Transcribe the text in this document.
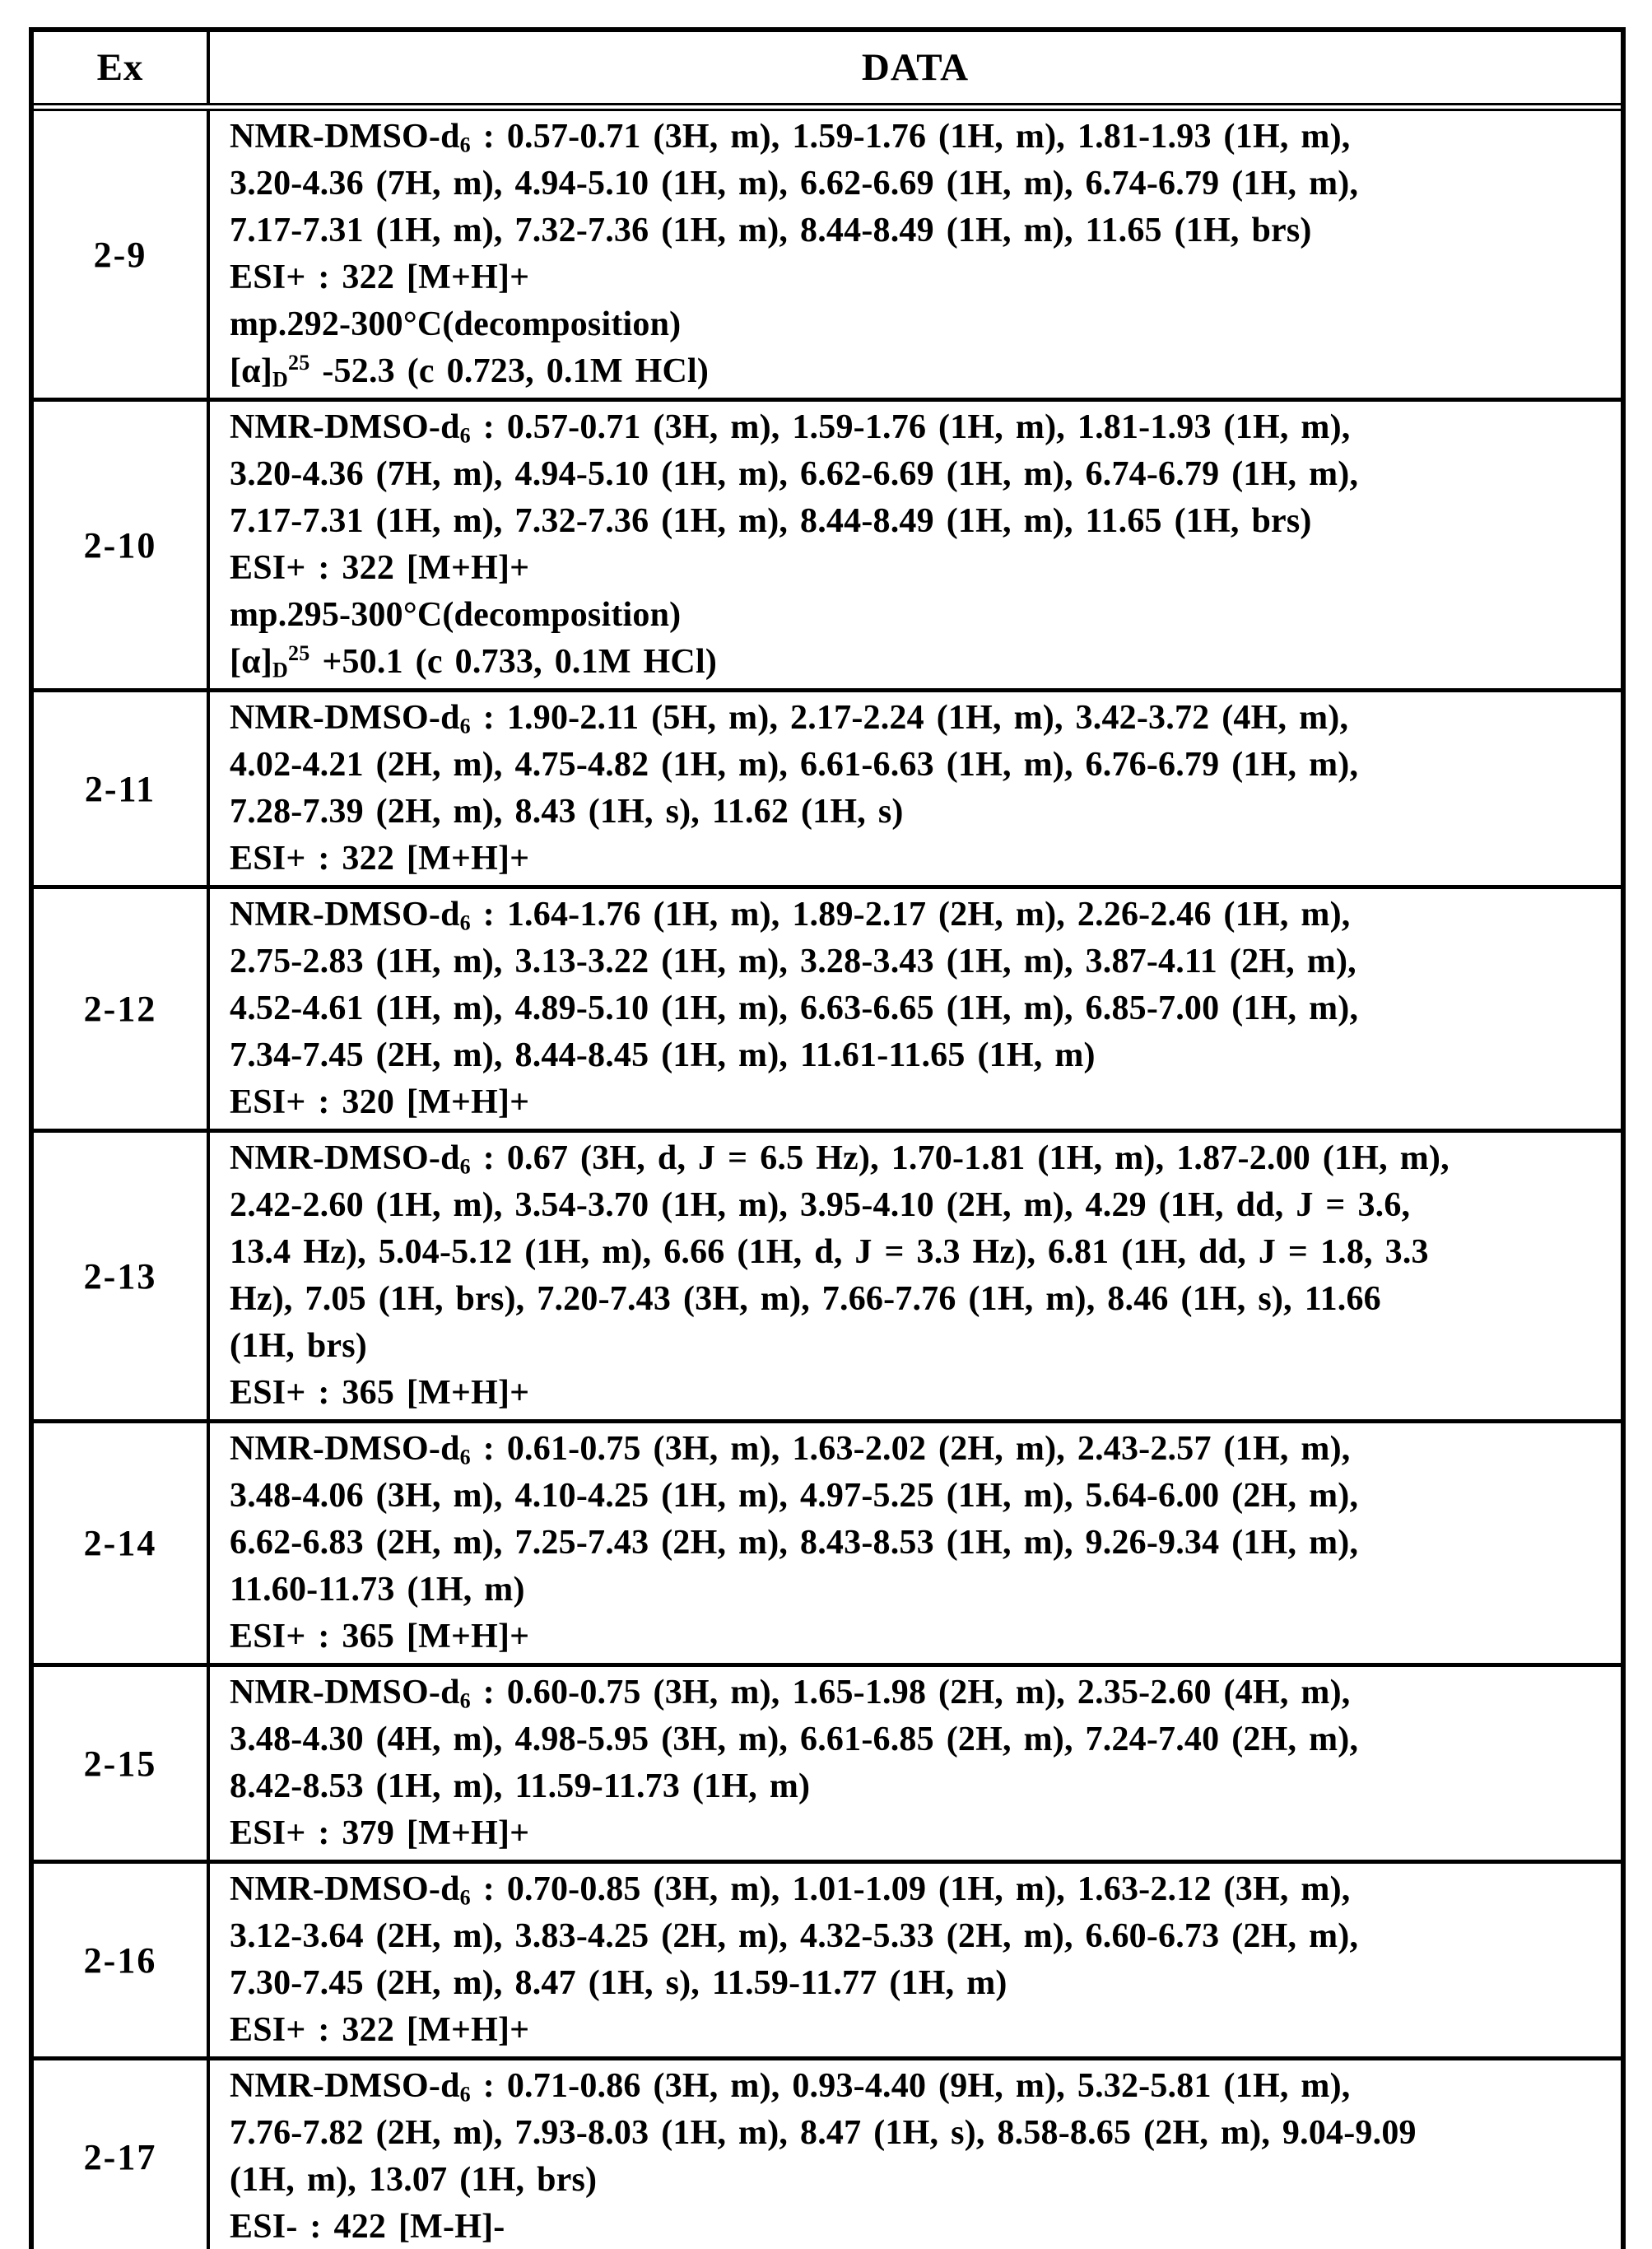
Ex	DATA
2-9
NMR-$DMSO-d_6$ : 0.57-0.71 (3H, m), 1.59-1.76 (1H, m), 1.81-1.93 (1H, m),
3.20-4.36 (7H, m), 4.94-5.10 (1H, m), 6.62-6.69 (1H, m), 6.74-6.79 (1H, m),
7.17-7.31 (1H, m), 7.32-7.36 (1H, m), 8.44-8.49 (1H, m), 11.65 (1H, brs)
ESI+ : 322 [M+H]+
mp.292-300°C(decomposition)
$[\alpha]_D^{25}$ -52.3 (c 0.723, 0.1M HCl)
2-10
NMR-$DMSO-d_6$ : 0.57-0.71 (3H, m), 1.59-1.76 (1H, m), 1.81-1.93 (1H, m),
3.20-4.36 (7H, m), 4.94-5.10 (1H, m), 6.62-6.69 (1H, m), 6.74-6.79 (1H, m),
7.17-7.31 (1H, m), 7.32-7.36 (1H, m), 8.44-8.49 (1H, m), 11.65 (1H, brs)
ESI+ : 322 [M+H]+
mp.295-300°C(decomposition)
$[\alpha]_D^{25} +50.1$ (c 0.733, 0.1M HCl)
2-11
NMR-$DMSO-d_6$ : 1.90-2.11 (5H, m), 2.17-2.24 (1H, m), 3.42-3.72 (4H, m),
4.02-4.21 (2H, m), 4.75-4.82 (1H, m), 6.61-6.63 (1H, m), 6.76-6.79 (1H, m),
7.28-7.39 (2H, m), 8.43 (1H, s), 11.62 (1H, s)
ESI+ : 322 [M+H]+
2-12
NMR-$DMSO-d_6$ : 1.64-1.76 (1H, m), 1.89-2.17 (2H, m), 2.26-2.46 (1H, m),
2.75-2.83 (1H, m), 3.13-3.22 (1H, m), 3.28-3.43 (1H, m), 3.87-4.11 (2H, m),
4.52-4.61 (1H, m), 4.89-5.10 (1H, m), 6.63-6.65 (1H, m), 6.85-7.00 (1H, m),
7.34-7.45 (2H, m), 8.44-8.45 (1H, m), 11.61-11.65 (1H, m)
ESI+ : 320 [M+H]+
2-13
NMR-$DMSO-d_6$ : 0.67 (3H, d, J = 6.5 Hz), 1.70-1.81 (1H, m), 1.87-2.00 (1H, m),
2.42-2.60 (1H, m), 3.54-3.70 (1H, m), 3.95-4.10 (2H, m), 4.29 (1H, dd, J = 3.6,
13.4 Hz), 5.04-5.12 (1H, m), 6.66 (1H, d, J = 3.3 Hz), 6.81 (1H, dd, J = 1.8, 3.3
Hz), 7.05 (1H, brs), 7.20-7.43 (3H, m), 7.66-7.76 (1H, m), 8.46 (1H, s), 11.66
(1H, brs)
ESI+ : 365 [M+H]+
2-14
NMR-$DMSO-d_6$ : 0.61-0.75 (3H, m), 1.63-2.02 (2H, m), 2.43-2.57 (1H, m),
3.48-4.06 (3H, m), 4.10-4.25 (1H, m), 4.97-5.25 (1H, m), 5.64-6.00 (2H, m),
6.62-6.83 (2H, m), 7.25-7.43 (2H, m), 8.43-8.53 (1H, m), 9.26-9.34 (1H, m),
11.60-11.73 (1H, m)
ESI+ : 365 [M+H]+
2-15
NMR-$DMSO-d_6$ : 0.60-0.75 (3H, m), 1.65-1.98 (2H, m), 2.35-2.60 (4H, m),
3.48-4.30 (4H, m), 4.98-5.95 (3H, m), 6.61-6.85 (2H, m), 7.24-7.40 (2H, m),
8.42-8.53 (1H, m), 11.59-11.73 (1H, m)
ESI+ : 379 [M+H]+
2-16
NMR-$DMSO-d_6$ : 0.70-0.85 (3H, m), 1.01-1.09 (1H, m), 1.63-2.12 (3H, m),
3.12-3.64 (2H, m), 3.83-4.25 (2H, m), 4.32-5.33 (2H, m), 6.60-6.73 (2H, m),
7.30-7.45 (2H, m), 8.47 (1H, s), 11.59-11.77 (1H, m)
ESI+ : 322 [M+H]+
2-17
NMR-$DMSO-d_6$ : 0.71-0.86 (3H, m), 0.93-4.40 (9H, m), 5.32-5.81 (1H, m),
7.76-7.82 (2H, m), 7.93-8.03 (1H, m), 8.47 (1H, s), 8.58-8.65 (2H, m), 9.04-9.09
(1H, m), 13.07 (1H, brs)
ESI- : 422 [M-H]-
